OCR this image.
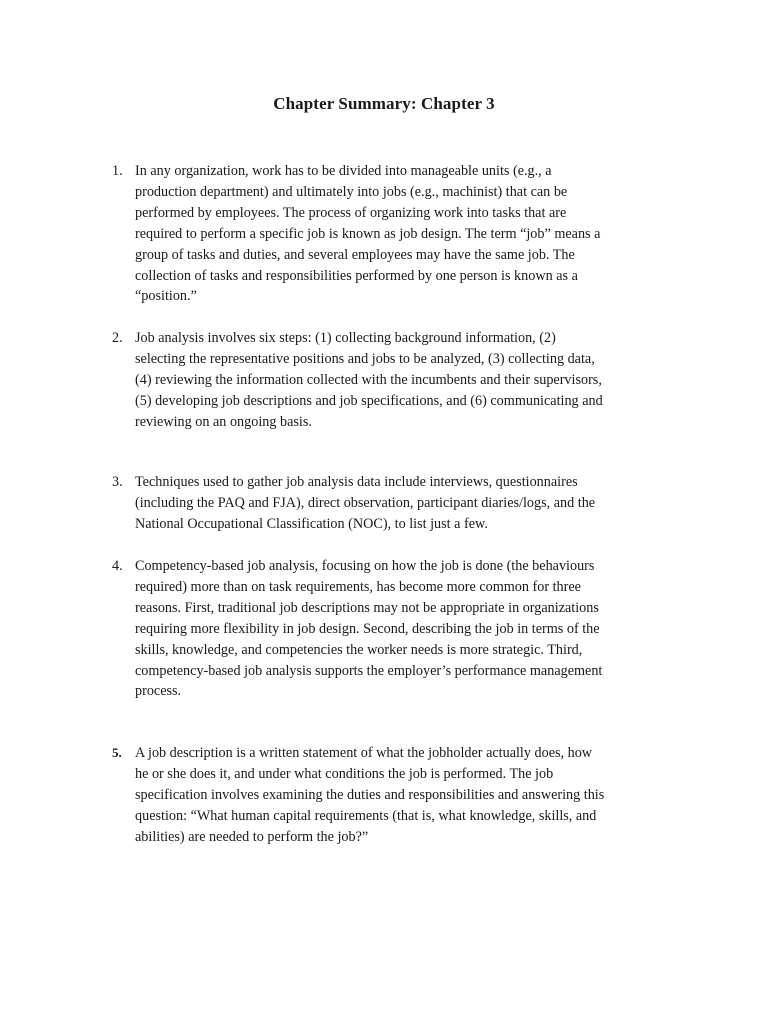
Chapter Summary: Chapter 3
1. In any organization, work has to be divided into manageable units (e.g., a
production department) and ultimately into jobs (e.g., machinist) that can be
performed by employees. The process of organizing work into tasks that are
required to perform a specific job is known as job design. The term “job” means a
group of tasks and duties, and several employees may have the same job. The
collection of tasks and responsibilities performed by one person is known as a
“position.”
2. Job analysis involves six steps: (1) collecting background information, (2)
selecting the representative positions and jobs to be analyzed, (3) collecting data,
(4) reviewing the information collected with the incumbents and their supervisors,
(5) developing job descriptions and job specifications, and (6) communicating and
reviewing on an ongoing basis.
3. Techniques used to gather job analysis data include interviews, questionnaires
(including the PAQ and FJA), direct observation, participant diaries/logs, and the
National Occupational Classification (NOC), to list just a few.
4. Competency-based job analysis, focusing on how the job is done (the behaviours
required) more than on task requirements, has become more common for three
reasons. First, traditional job descriptions may not be appropriate in organizations
requiring more flexibility in job design. Second, describing the job in terms of the
skills, knowledge, and competencies the worker needs is more strategic. Third,
competency-based job analysis supports the employer’s performance management
process.
5. A job description is a written statement of what the jobholder actually does, how
he or she does it, and under what conditions the job is performed. The job
specification involves examining the duties and responsibilities and answering this
question: “What human capital requirements (that is, what knowledge, skills, and
abilities) are needed to perform the job?”
